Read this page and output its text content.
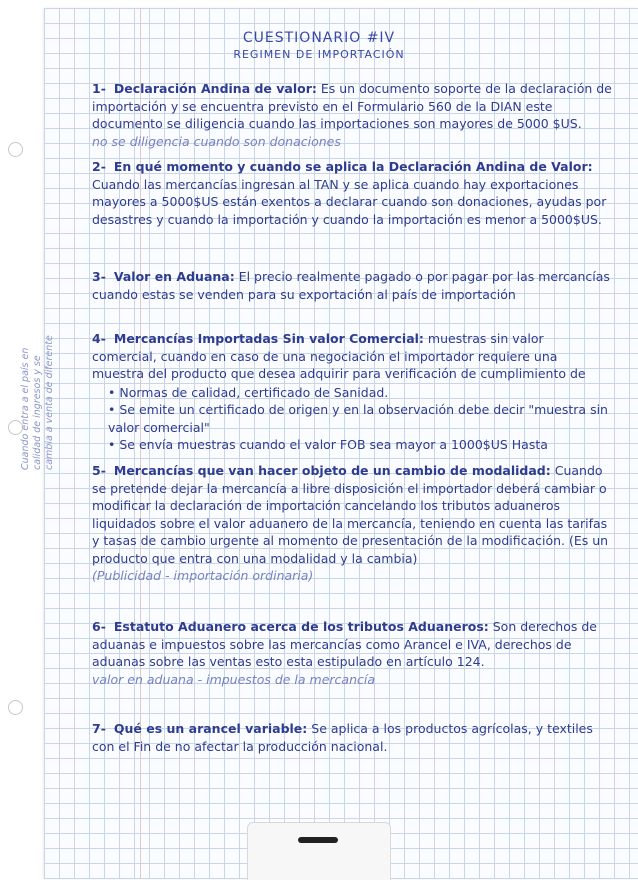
CUESTIONARIO #IV
REGIMEN DE IMPORTACIÓN
1- Declaración Andina de valor: Es un documento soporte de la declaración de importación y se encuentra previsto en el Formulario 560 de la DIAN este documento se diligencia cuando las importaciones son mayores de 5000 $US.
no se diligencia cuando son donaciones
2- En qué momento y cuando se aplica la Declaración Andina de Valor: Cuando las mercancías ingresan al TAN y se aplica cuando hay exportaciones mayores a 5000$US están exentos a declarar cuando son donaciones, ayudas por desastres y cuando la importación y cuando la importación es menor a 5000$US.
3- Valor en Aduana: El precio realmente pagado o por pagar por las mercancías cuando estas se venden para su exportación al país de importación
4- Mercancías Importadas Sin valor Comercial: muestras sin valor comercial, cuando en caso de una negociación el importador requiere una muestra del producto que desea adquirir para verificación de cumplimiento de
• Normas de calidad, certificado de Sanidad.
• Se emite un certificado de origen y en la observación debe decir "muestra sin valor comercial"
• Se envía muestras cuando el valor FOB sea mayor a 1000$US Hasta
5- Mercancías que van hacer objeto de un cambio de modalidad: Cuando se pretende dejar la mercancía a libre disposición el importador deberá cambiar o modificar la declaración de importación cancelando los tributos aduaneros liquidados sobre el valor aduanero de la mercancía, teniendo en cuenta las tarifas y tasas de cambio urgente al momento de presentación de la modificación. (Es un producto que entra con una modalidad y la cambia)
(Publicidad - importación ordinaria)
6- Estatuto Aduanero acerca de los tributos Aduaneros: Son derechos de aduanas e impuestos sobre las mercancías como Arancel e IVA, derechos de aduanas sobre las ventas esto esta estipulado en artículo 124.
valor en aduana - impuestos de la mercancía
7- Qué es un arancel variable: Se aplica a los productos agrícolas, y textiles con el Fin de no afectar la producción nacional.
Cuando entra a el país en calidad de ingresos y se cambia a venta de diferente
